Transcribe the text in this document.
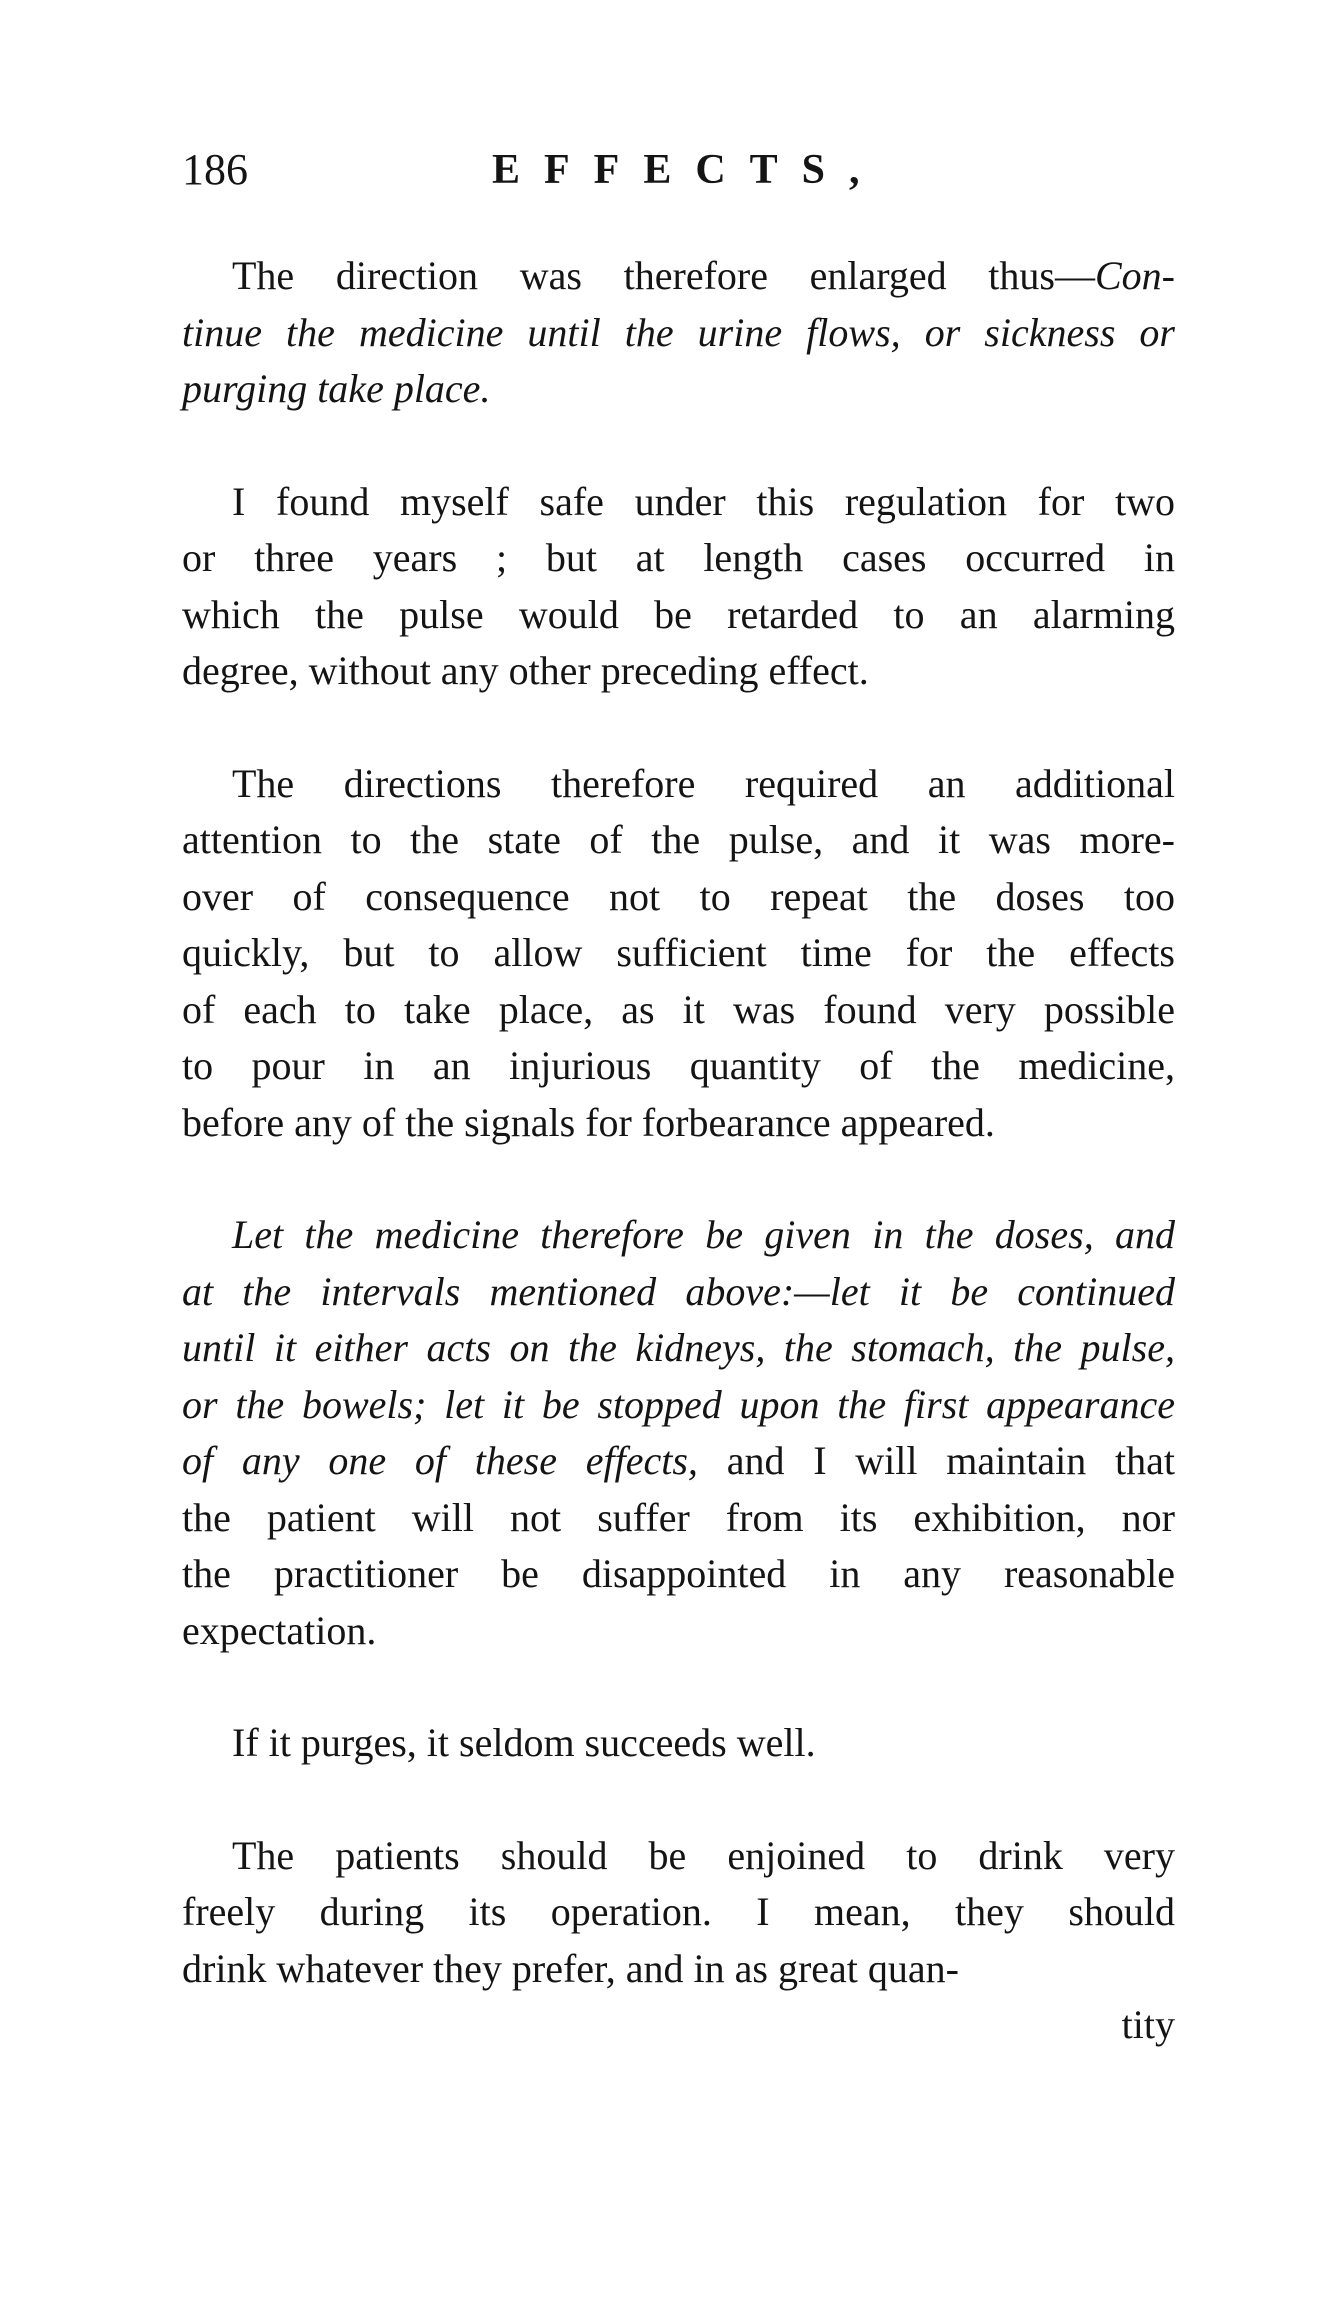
186	EFFECTS,

The direction was therefore enlarged thus—Con-
tinue the medicine until the urine flows, or sickness or
purging take place.

I found myself safe under this regulation for two
or three years ; but at length cases occurred in
which the pulse would be retarded to an alarming
degree, without any other preceding effect.

The directions therefore required an additional
attention to the state of the pulse, and it was more-
over of consequence not to repeat the doses too
quickly, but to allow sufficient time for the effects
of each to take place, as it was found very possible
to pour in an injurious quantity of the medicine,
before any of the signals for forbearance appeared.

Let the medicine therefore be given in the doses, and
at the intervals mentioned above:—let it be continued
until it either acts on the kidneys, the stomach, the pulse,
or the bowels; let it be stopped upon the first appearance
of any one of these effects, and I will maintain that
the patient will not suffer from its exhibition, nor
the practitioner be disappointed in any reasonable
expectation.

If it purges, it seldom succeeds well.

The patients should be enjoined to drink very
freely during its operation. I mean, they should
drink whatever they prefer, and in as great quan-

tity
